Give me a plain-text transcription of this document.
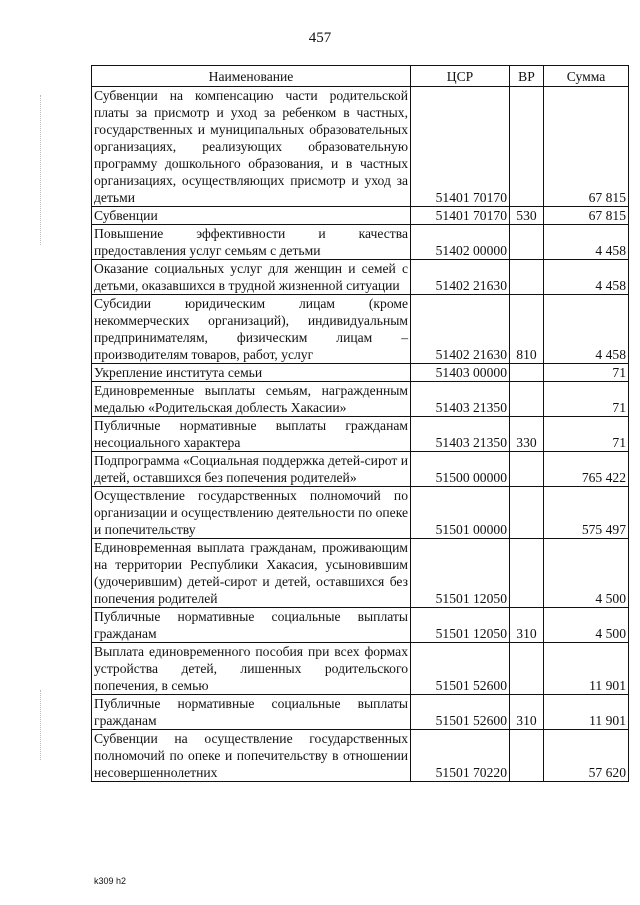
457
Наименование	ЦСР	ВР	Сумма
Субвенции на компенсацию части родительской платы за присмотр и уход за ребенком в частных, государственных и муниципальных образовательных организациях, реализующих образовательную программу дошкольного образования, и в частных организациях, осуществляющих присмотр и уход за детьми	51401 70170		67 815
Субвенции	51401 70170	530	67 815
Повышение эффективности и качества предоставления услуг семьям с детьми	51402 00000		4 458
Оказание социальных услуг для женщин и семей с детьми, оказавшихся в трудной жизненной ситуации	51402 21630		4 458
Субсидии юридическим лицам (кроме некоммерческих организаций), индивидуальным предпринимателям, физическим лицам – производителям товаров, работ, услуг	51402 21630	810	4 458
Укрепление института семьи	51403 00000		71
Единовременные выплаты семьям, награжденным медалью «Родительская доблесть Хакасии»	51403 21350		71
Публичные нормативные выплаты гражданам несоциального характера	51403 21350	330	71
Подпрограмма «Социальная поддержка детей-сирот и детей, оставшихся без попечения родителей»	51500 00000		765 422
Осуществление государственных полномочий по организации и осуществлению деятельности по опеке и попечительству	51501 00000		575 497
Единовременная выплата гражданам, проживающим на территории Республики Хакасия, усыновившим (удочерившим) детей-сирот и детей, оставшихся без попечения родителей	51501 12050		4 500
Публичные нормативные социальные выплаты гражданам	51501 12050	310	4 500
Выплата единовременного пособия при всех формах устройства детей, лишенных родительского попечения, в семью	51501 52600		11 901
Публичные нормативные социальные выплаты гражданам	51501 52600	310	11 901
Субвенции на осуществление государственных полномочий по опеке и попечительству в отношении несовершеннолетних	51501 70220		57 620
k309 h2
